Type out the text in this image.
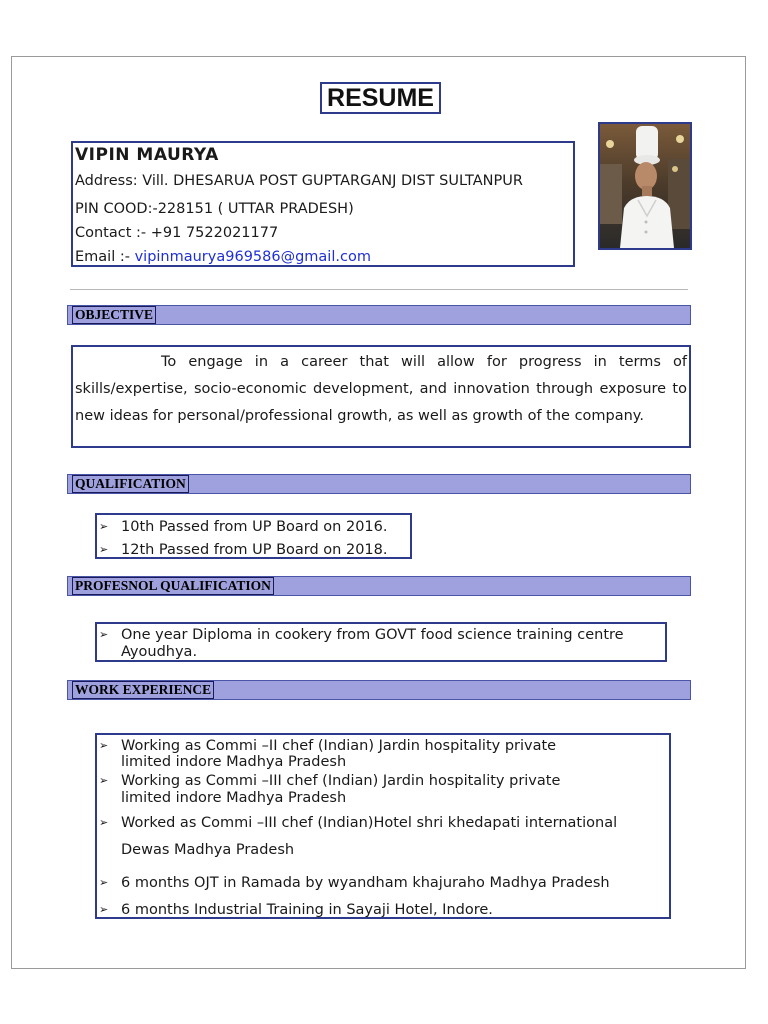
RESUME
VIPIN MAURYA
Address: Vill. DHESARUA POST GUPTARGANJ DIST SULTANPUR
PIN COOD:-228151 ( UTTAR PRADESH)
Contact :- +91 7522021177
Email :- vipinmaurya969586@gmail.com
OBJECTIVE
To engage in a career that will allow for progress in terms of skills/expertise, socio-economic development, and innovation through exposure to new ideas for personal/professional growth, as well as growth of the company.
QUALIFICATION
➢ 10th Passed from UP Board on 2016.
➢ 12th Passed from UP Board on 2018.
PROFESNOL QUALIFICATION
➢ One year Diploma in cookery from GOVT food science training centre
Ayoudhya.
WORK EXPERIENCE
➢ Working as Commi –II chef (Indian) Jardin hospitality private
limited indore Madhya Pradesh
➢ Working as Commi –III chef (Indian) Jardin hospitality private
limited indore Madhya Pradesh
➢ Worked as Commi –III chef (Indian)Hotel shri khedapati international
Dewas Madhya Pradesh
➢ 6 months OJT in Ramada by wyandham khajuraho Madhya Pradesh
➢ 6 months Industrial Training in Sayaji Hotel, Indore.
